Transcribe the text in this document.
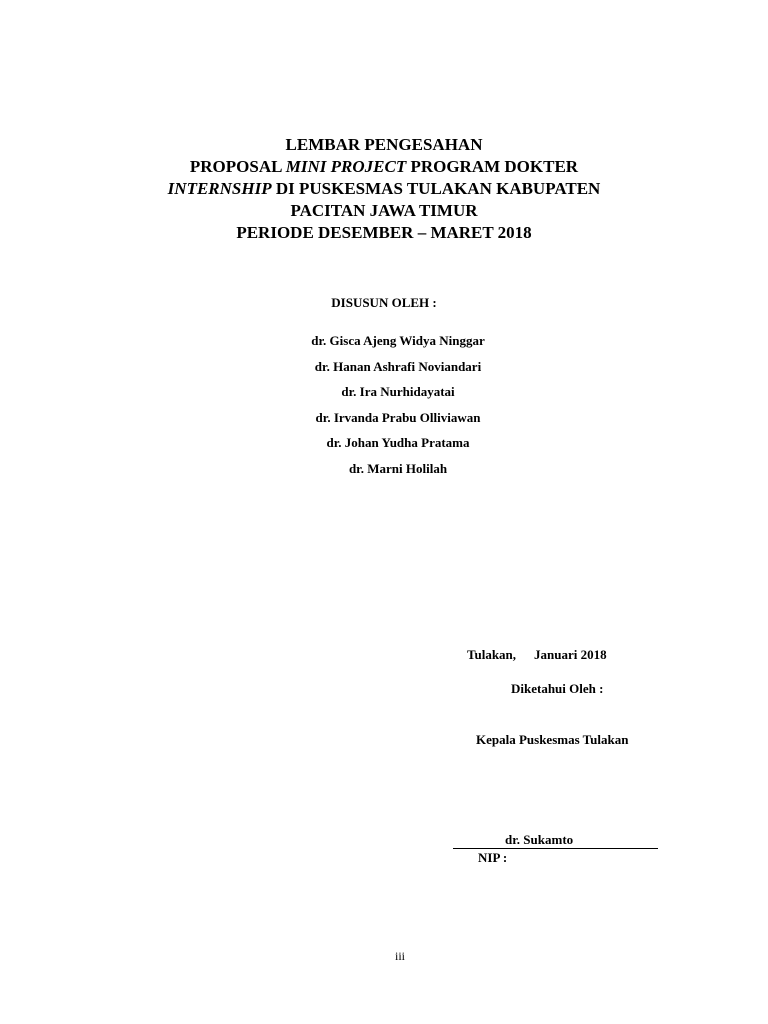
LEMBAR PENGESAHAN
PROPOSAL MINI PROJECT PROGRAM DOKTER
INTERNSHIP DI PUSKESMAS TULAKAN KABUPATEN
PACITAN JAWA TIMUR
PERIODE DESEMBER – MARET 2018
DISUSUN OLEH :
dr. Gisca Ajeng Widya Ninggar
dr. Hanan Ashrafi Noviandari
dr. Ira Nurhidayatai
dr. Irvanda Prabu Olliviawan
dr. Johan Yudha Pratama
dr. Marni Holilah
Tulakan, Januari 2018
Diketahui Oleh :
Kepala Puskesmas Tulakan
dr. Sukamto
NIP :
iii
